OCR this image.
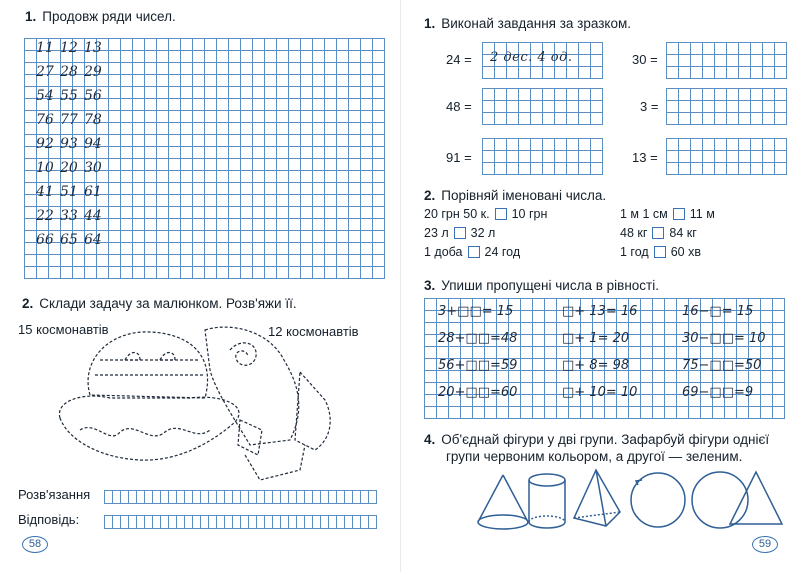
1. Продовж ряди чисел.
11 12 13
27 28 29
54 55 56
76 77 78
92 93 94
10 20 30
41 51 61
22 33 44
66 65 64
2. Склади задачу за малюнком. Розв'яжи її.
15 космонавтів	12 космонавтів
Розв'язання
Відповідь:
58
1. Виконай завдання за зразком.
24 = 2 дес. 4 од.	30 =
48 =	3 =
91 =	13 =
2. Порівняй іменовані числа.
20 грн 50 к. 10 грн	1 м 1 см 11 м
23 л 32 л	48 кг 84 кг
1 доба 24 год	1 год 60 хв
3. Упиши пропущені числа в рівності.
3+□□= 15	□+ 13= 16	16−□= 15
28+□□=48	□+ 1= 20	30−□□= 10
56+□□=59	□+ 8= 98	75−□□=50
20+□□=60	□+ 10= 10	69−□□=9
4. Об'єднай фігури у дві групи. Зафарбуй фігури однієї
групи червоним кольором, а другої — зеленим.
59
